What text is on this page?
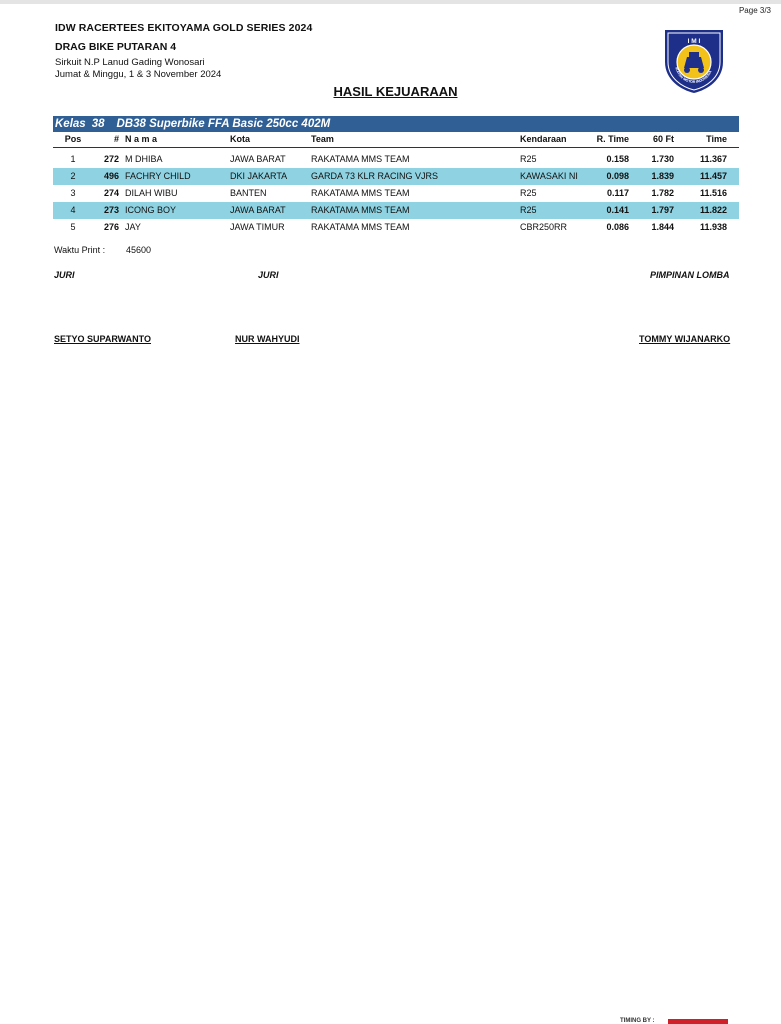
Page 3/3
IDW RACERTEES EKITOYAMA GOLD SERIES 2024
DRAG BIKE PUTARAN 4
Sirkuit N.P Lanud Gading Wonosari
Jumat & Minggu, 1 & 3 November 2024
I M I
IKATAN MOTOR INDONESIA
HASIL KEJUARAAN
Kelas 38 DB38 Superbike FFA Basic 250cc 402M
Pos	# N a m a	Kota	Team	Kendaraan	R. Time	60 Ft	Time
1	272 M DHIBA	JAWA BARAT	RAKATAMA MMS TEAM	R25	0.158	1.730	11.367
2	496 FACHRY CHILD	DKI JAKARTA	GARDA 73 KLR RACING VJRS	KAWASAKI NI	0.098	1.839	11.457
3	274 DILAH WIBU	BANTEN	RAKATAMA MMS TEAM	R25	0.117	1.782	11.516
4	273 ICONG BOY	JAWA BARAT	RAKATAMA MMS TEAM	R25	0.141	1.797	11.822
5	276 JAY	JAWA TIMUR	RAKATAMA MMS TEAM	CBR250RR	0.086	1.844	11.938
Waktu Print : 45600
JURI	JURI	PIMPINAN LOMBA
SETYO SUPARWANTO	NUR WAHYUDI	TOMMY WIJANARKO
TIMING BY :
